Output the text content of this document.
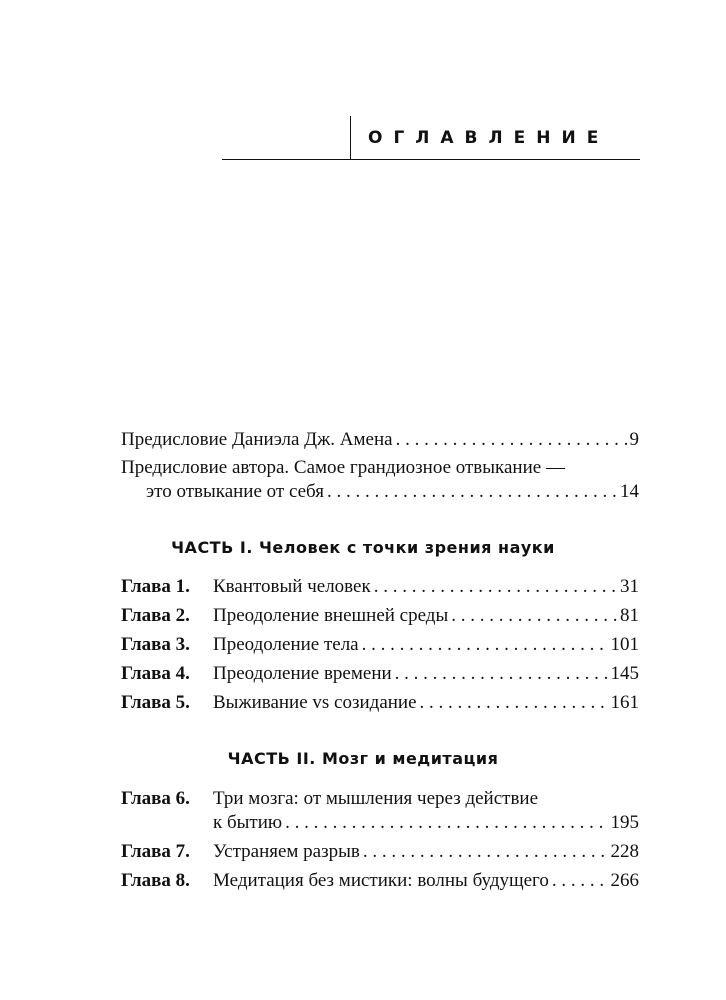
ОГЛАВЛЕНИЕ
Предисловие Даниэла Дж. Амена . . .	9
Предисловие автора. Самое грандиозное отвыкание —
это отвыкание от себя . . .	14
ЧАСТЬ I. Человек с точки зрения науки
Глава 1. Квантовый человек . . .	31
Глава 2. Преодоление внешней среды . . .	81
Глава 3. Преодоление тела . . .	101
Глава 4. Преодоление времени . . .	145
Глава 5. Выживание vs созидание . . .	161
ЧАСТЬ II. Мозг и медитация
Глава 6. Три мозга: от мышления через действие
к бытию . . .	195
Глава 7. Устраняем разрыв . . .	228
Глава 8. Медитация без мистики: волны будущего . . .	266
